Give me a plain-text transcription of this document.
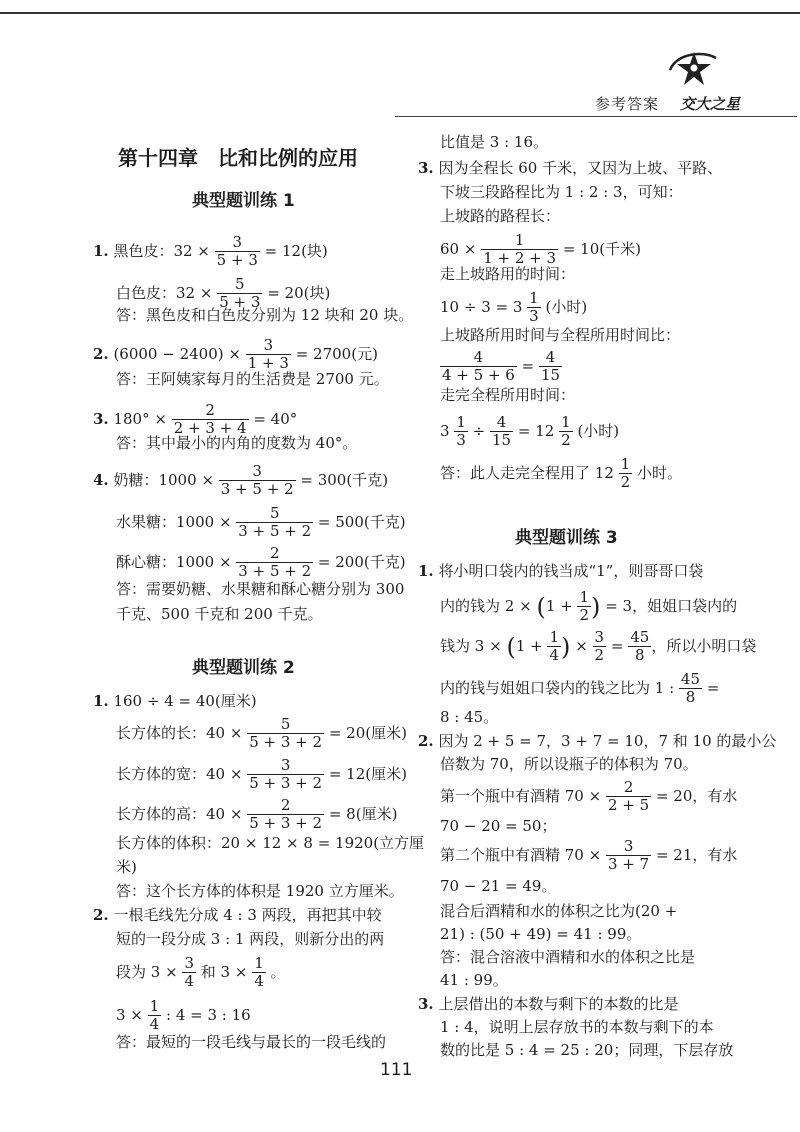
参考答案 交大之星
第十四章　比和比例的应用
典型题训练 1
1. 黑色皮：$32 \times \frac{3}{5 + 3} = 12$(块)
白色皮：$32 \times \frac{5}{5 + 3} = 20$(块)
答：黑色皮和白色皮分别为 12 块和 20 块。
2. $(6000 - 2400) \times \frac{3}{1 + 3} = 2700$(元)
答：王阿姨家每月的生活费是 2700 元。
3. $180^\circ \times \frac{2}{2 + 3 + 4} = 40^\circ$
答：其中最小的内角的度数为 40°。
4. 奶糖：$1000 \times \frac{3}{3 + 5 + 2} = 300$(千克)
水果糖：$1000 \times \frac{5}{3 + 5 + 2} = 500$(千克)
酥心糖：$1000 \times \frac{2}{3 + 5 + 2} = 200$(千克)
答：需要奶糖、水果糖和酥心糖分别为 300
千克、500 千克和 200 千克。
典型题训练 2
1. 160 ÷ 4 = 40(厘米)
长方体的长：$40 \times \frac{5}{5 + 3 + 2} = 20$(厘米)
长方体的宽：$40 \times \frac{3}{5 + 3 + 2} = 12$(厘米)
长方体的高：$40 \times \frac{2}{5 + 3 + 2} = 8$(厘米)
长方体的体积：20 × 12 × 8 = 1920(立方厘
米)
答：这个长方体的体积是 1920 立方厘米。
2. 一根毛线先分成 4 : 3 两段，再把其中较
短的一段分成 3 : 1 两段，则新分出的两
段为 $3 \times \frac{3}{4}$ 和 $3 \times \frac{1}{4}$ 。
$3 \times \frac{1}{4}$ : 4 = 3 : 16
答：最短的一段毛线与最长的一段毛线的
比值是 3 : 16。
3. 因为全程长 60 千米，又因为上坡、平路、
下坡三段路程比为 1 : 2 : 3，可知：
上坡路的路程长：
$60 \times \frac{1}{1 + 2 + 3} = 10$(千米)
走上坡路用的时间：
$10 \div 3 = 3 \frac{1}{3}$ (小时)
上坡路所用时间与全程所用时间比：
$\frac{4}{4 + 5 + 6} = \frac{4}{15}$
走完全程所用时间：
$3 \frac{1}{3} \div \frac{4}{15} = 12 \frac{1}{2}$ (小时)
答：此人走完全程用了 $12 \frac{1}{2}$ 小时。
典型题训练 3
1. 将小明口袋内的钱当成“1”，则哥哥口袋
内的钱为 $2 \times (1 + \frac{1}{2}$ ) = 3，姐姐口袋内的
钱为 $3 \times (1 + \frac{1}{4}$ ) × $\frac{3}{2} = \frac{45}{8}$ ，所以小明口袋
内的钱与姐姐口袋内的钱之比为 1 : $\frac{45}{8}$ =
8 : 45。
2. 因为 2 + 5 = 7，3 + 7 = 10，7 和 10 的最小公
倍数为 70，所以设瓶子的体积为 70。
第一个瓶中有酒精 $70 \times \frac{2}{2 + 5} = 20$，有水
70 − 20 = 50；
第二个瓶中有酒精 $70 \times \frac{3}{3 + 7} = 21$，有水
70 − 21 = 49。
混合后酒精和水的体积之比为(20 +
21) : (50 + 49) = 41 : 99。
答：混合溶液中酒精和水的体积之比是
41 : 99。
3. 上层借出的本数与剩下的本数的比是
1 : 4，说明上层存放书的本数与剩下的本
数的比是 5 : 4 = 25 : 20；同理，下层存放
111
